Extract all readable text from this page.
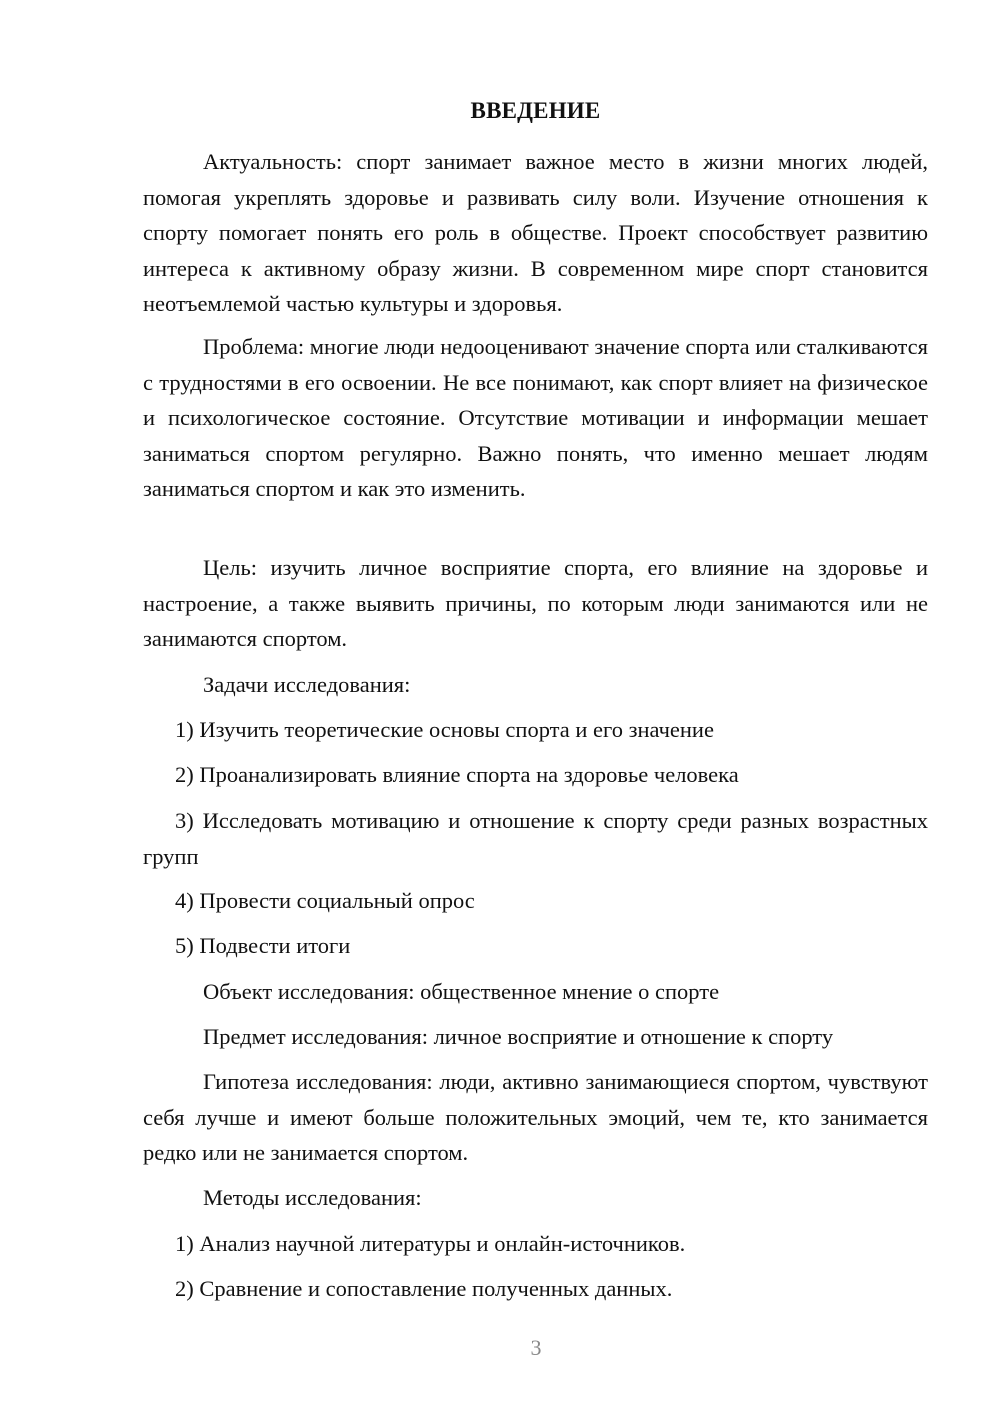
ВВЕДЕНИЕ

Актуальность: спорт занимает важное место в жизни многих людей, помогая укреплять здоровье и развивать силу воли. Изучение отношения к спорту помогает понять его роль в обществе. Проект способствует развитию интереса к активному образу жизни. В современном мире спорт становится неотъемлемой частью культуры и здоровья.

Проблема: многие люди недооценивают значение спорта или сталкиваются с трудностями в его освоении. Не все понимают, как спорт влияет на физическое и психологическое состояние. Отсутствие мотивации и информации мешает заниматься спортом регулярно. Важно понять, что именно мешает людям заниматься спортом и как это изменить.

Цель: изучить личное восприятие спорта, его влияние на здоровье и настроение, а также выявить причины, по которым люди занимаются или не занимаются спортом.

Задачи исследования:

1) Изучить теоретические основы спорта и его значение

2) Проанализировать влияние спорта на здоровье человека

3) Исследовать мотивацию и отношение к спорту среди разных возрастных групп

4) Провести социальный опрос

5) Подвести итоги

Объект исследования: общественное мнение о спорте

Предмет исследования: личное восприятие и отношение к спорту

Гипотеза исследования: люди, активно занимающиеся спортом, чувствуют себя лучше и имеют больше положительных эмоций, чем те, кто занимается редко или не занимается спортом.

Методы исследования:

1) Анализ научной литературы и онлайн-источников.

2) Сравнение и сопоставление полученных данных.

3
